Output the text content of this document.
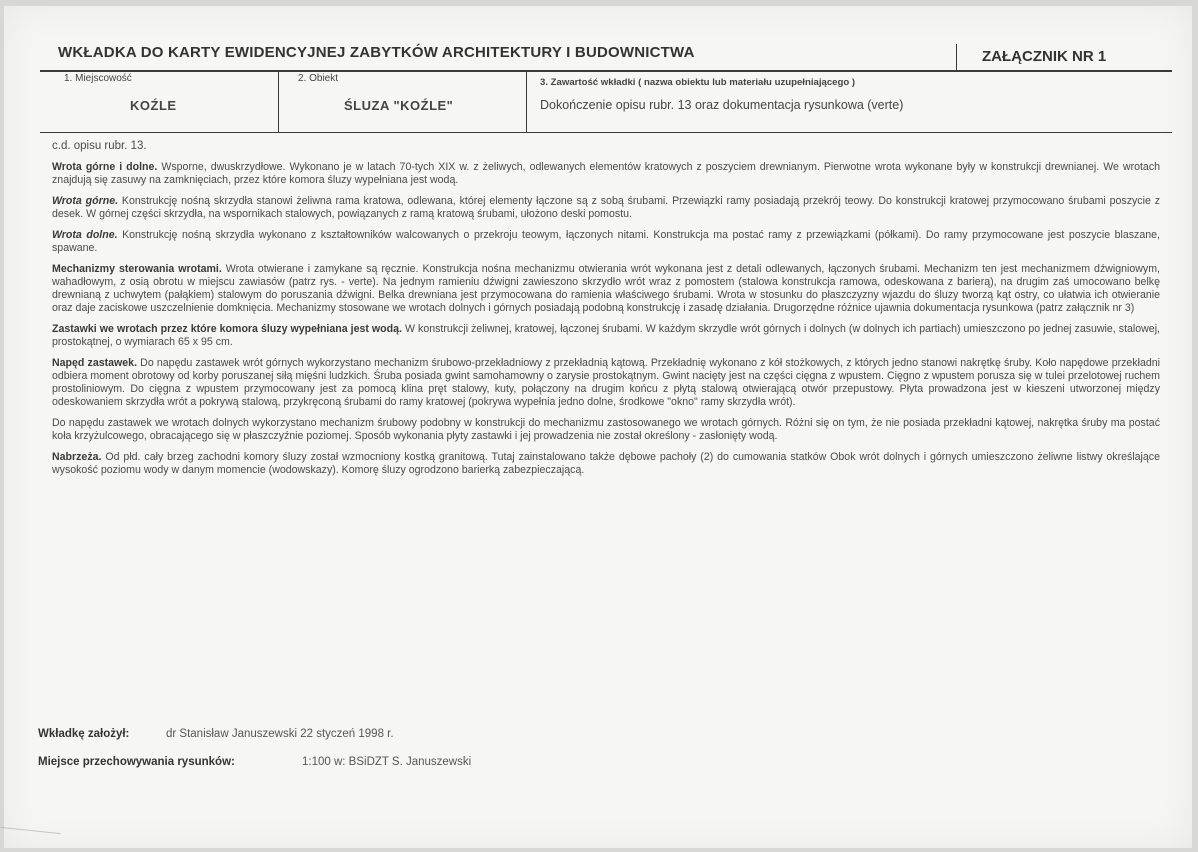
WKŁADKA DO KARTY EWIDENCYJNEJ ZABYTKÓW ARCHITEKTURY I BUDOWNICTWA	ZAŁĄCZNIK NR 1
1. Miejscowość
KOŹLE
2. Obiekt
ŚLUZA "KOŹLE"
3. Zawartość wkładki ( nazwa obiektu lub materiału uzupełniającego )
Dokończenie opisu rubr. 13 oraz dokumentacja rysunkowa (verte)

c.d. opisu rubr. 13.

Wrota górne i dolne. Wsporne, dwuskrzydłowe. Wykonano je w latach 70-tych XIX w. z żeliwych, odlewanych elementów kratowych z poszyciem drewnianym. Pierwotne wrota wykonane były w konstrukcji drewnianej. We wrotach znajdują się zasuwy na zamknięciach, przez które komora śluzy wypełniana jest wodą.

Wrota górne. Konstrukcję nośną skrzydła stanowi żeliwna rama kratowa, odlewana, której elementy łączone są z sobą śrubami. Przewiązki ramy posiadają przekrój teowy. Do konstrukcji kratowej przymocowano śrubami poszycie z desek. W górnej części skrzydła, na wspornikach stalowych, powiązanych z ramą kratową śrubami, ułożono deski pomostu.

Wrota dolne. Konstrukcję nośną skrzydła wykonano z kształtowników walcowanych o przekroju teowym, łączonych nitami. Konstrukcja ma postać ramy z przewiązkami (półkami). Do ramy przymocowane jest poszycie blaszane, spawane.

Mechanizmy sterowania wrotami. Wrota otwierane i zamykane są ręcznie. Konstrukcja nośna mechanizmu otwierania wrót wykonana jest z detali odlewanych, łączonych śrubami. Mechanizm ten jest mechanizmem dźwigniowym, wahadłowym, z osią obrotu w miejscu zawiasów (patrz rys. - verte). Na jednym ramieniu dźwigni zawieszono skrzydło wrót wraz z pomostem (stalowa konstrukcja ramowa, odeskowana z barierą), na drugim zaś umocowano belkę drewnianą z uchwytem (pałąkiem) stalowym do poruszania dźwigni. Belka drewniana jest przymocowana do ramienia właściwego śrubami. Wrota w stosunku do płaszczyzny wjazdu do śluzy tworzą kąt ostry, co ułatwia ich otwieranie oraz daje zaciskowe uszczelnienie domknięcia. Mechanizmy stosowane we wrotach dolnych i górnych posiadają podobną konstrukcję i zasadę działania. Drugorzędne różnice ujawnia dokumentacja rysunkowa (patrz załącznik nr 3)

Zastawki we wrotach przez które komora śluzy wypełniana jest wodą. W konstrukcji żeliwnej, kratowej, łączonej śrubami. W każdym skrzydle wrót górnych i dolnych (w dolnych ich partiach) umieszczono po jednej zasuwie, stalowej, prostokątnej, o wymiarach 65 x 95 cm.

Napęd zastawek. Do napędu zastawek wrót górnych wykorzystano mechanizm śrubowo-przekładniowy z przekładnią kątową. Przekładnię wykonano z kół stożkowych, z których jedno stanowi nakrętkę śruby. Koło napędowe przekładni odbiera moment obrotowy od korby poruszanej siłą mięśni ludzkich. Śruba posiada gwint samohamowny o zarysie prostokątnym. Gwint nacięty jest na części cięgna z wpustem. Cięgno z wpustem porusza się w tulei przelotowej ruchem prostoliniowym. Do cięgna z wpustem przymocowany jest za pomocą klina pręt stalowy, kuty, połączony na drugim końcu z płytą stalową otwierającą otwór przepustowy. Płyta prowadzona jest w kieszeni utworzonej między odeskowaniem skrzydła wrót a pokrywą stalową, przykręconą śrubami do ramy kratowej (pokrywa wypełnia jedno dolne, środkowe "okno" ramy skrzydła wrót).

Do napędu zastawek we wrotach dolnych wykorzystano mechanizm śrubowy podobny w konstrukcji do mechanizmu zastosowanego we wrotach górnych. Różni się on tym, że nie posiada przekładni kątowej, nakrętka śruby ma postać koła krzyżulcowego, obracającego się w płaszczyźnie poziomej. Sposób wykonania płyty zastawki i jej prowadzenia nie został określony - zasłonięty wodą.

Nabrzeża. Od płd. cały brzeg zachodni komory śluzy został wzmocniony kostką granitową. Tutaj zainstalowano także dębowe pachoły (2) do cumowania statków Obok wrót dolnych i górnych umieszczono żeliwne listwy określające wysokość poziomu wody w danym momencie (wodowskazy). Komorę śluzy ogrodzono barierką zabezpieczającą.

Wkładkę założył:	dr Stanisław Januszewski 22 styczeń 1998 r.
Miejsce przechowywania rysunków:	1:100 w: BSiDZT S. Januszewski
